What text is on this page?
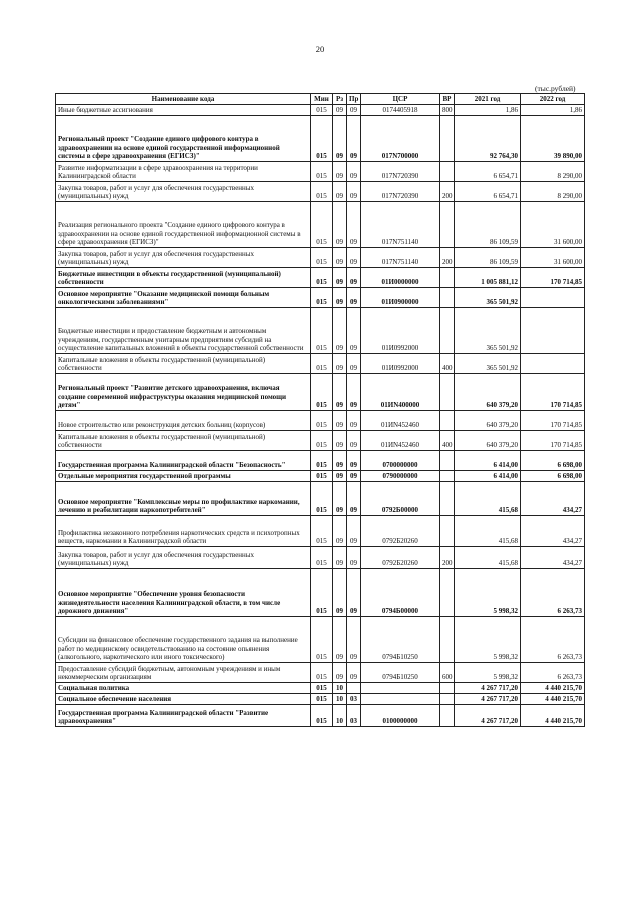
20
(тыс.рублей)
Наименование кода	Мин	Рз	Пр	ЦСР	ВР	2021 год	2022 год
Иные бюджетные ассигнования	015	09	09	0174405918	800	1,86	1,86
Региональный проект "Создание единого цифрового контура в здравоохранении на основе единой государственной информационной системы в сфере здравоохранения (ЕГИСЗ)"	015	09	09	017N700000		92 764,30	39 890,00
Развитие информатизации в сфере здравоохранения на территории Калининградской области	015	09	09	017N720390		6 654,71	8 290,00
Закупка товаров, работ и услуг для обеспечения государственных (муниципальных) нужд	015	09	09	017N720390	200	6 654,71	8 290,00
Реализация регионального проекта "Создание единого цифрового контура в здравоохранении на основе единой государственной информационной системы в сфере здравоохранения (ЕГИСЗ)"	015	09	09	017N751140		86 109,59	31 600,00
Закупка товаров, работ и услуг для обеспечения государственных (муниципальных) нужд	015	09	09	017N751140	200	86 109,59	31 600,00
Бюджетные инвестиции в объекты государственной (муниципальной) собственности	015	09	09	01И0000000		1 005 881,12	170 714,85
Основное мероприятие "Оказание медицинской помощи больным онкологическими заболеваниями"	015	09	09	01И0900000		365 501,92	
Бюджетные инвестиции и предоставление бюджетным и автономным учреждениям, государственным унитарным предприятиям субсидий на осуществление капитальных вложений в объекты государственной собственности	015	09	09	01И0992000		365 501,92	
Капитальные вложения в объекты государственной (муниципальной) собственности	015	09	09	01И0992000	400	365 501,92	
Региональный проект "Развитие детского здравоохранения, включая создание современной инфраструктуры оказания медицинской помощи детям"	015	09	09	01ИN400000		640 379,20	170 714,85
Новое строительство или реконструкция детских больниц (корпусов)	015	09	09	01ИN452460		640 379,20	170 714,85
Капитальные вложения в объекты государственной (муниципальной) собственности	015	09	09	01ИN452460	400	640 379,20	170 714,85
Государственная программа Калининградской области "Безопасность"	015	09	09	0700000000		6 414,00	6 698,00
Отдельные мероприятия государственной программы	015	09	09	0790000000		6 414,00	6 698,00
Основное мероприятие "Комплексные меры по профилактике наркомании, лечению и реабилитации наркопотребителей"	015	09	09	0792Б00000		415,68	434,27
Профилактика незаконного потребления наркотических средств и психотропных веществ, наркомании в Калининградской области	015	09	09	0792Б20260		415,68	434,27
Закупка товаров, работ и услуг для обеспечения государственных (муниципальных) нужд	015	09	09	0792Б20260	200	415,68	434,27
Основное мероприятие "Обеспечение уровня безопасности жизнедеятельности населения Калининградской области, в том числе дорожного движения"	015	09	09	0794Б00000		5 998,32	6 263,73
Субсидии на финансовое обеспечение государственного задания на выполнение работ по медицинскому освидетельствованию на состояние опьянения (алкогольного, наркотического или иного токсического)	015	09	09	0794Б10250		5 998,32	6 263,73
Предоставление субсидий бюджетным, автономным учреждениям и иным некоммерческим организациям	015	09	09	0794Б10250	600	5 998,32	6 263,73
Социальная политика	015	10				4 267 717,20	4 440 215,70
Социальное обеспечение населения	015	10	03			4 267 717,20	4 440 215,70
Государственная программа Калининградской области "Развитие здравоохранения"	015	10	03	0100000000		4 267 717,20	4 440 215,70
